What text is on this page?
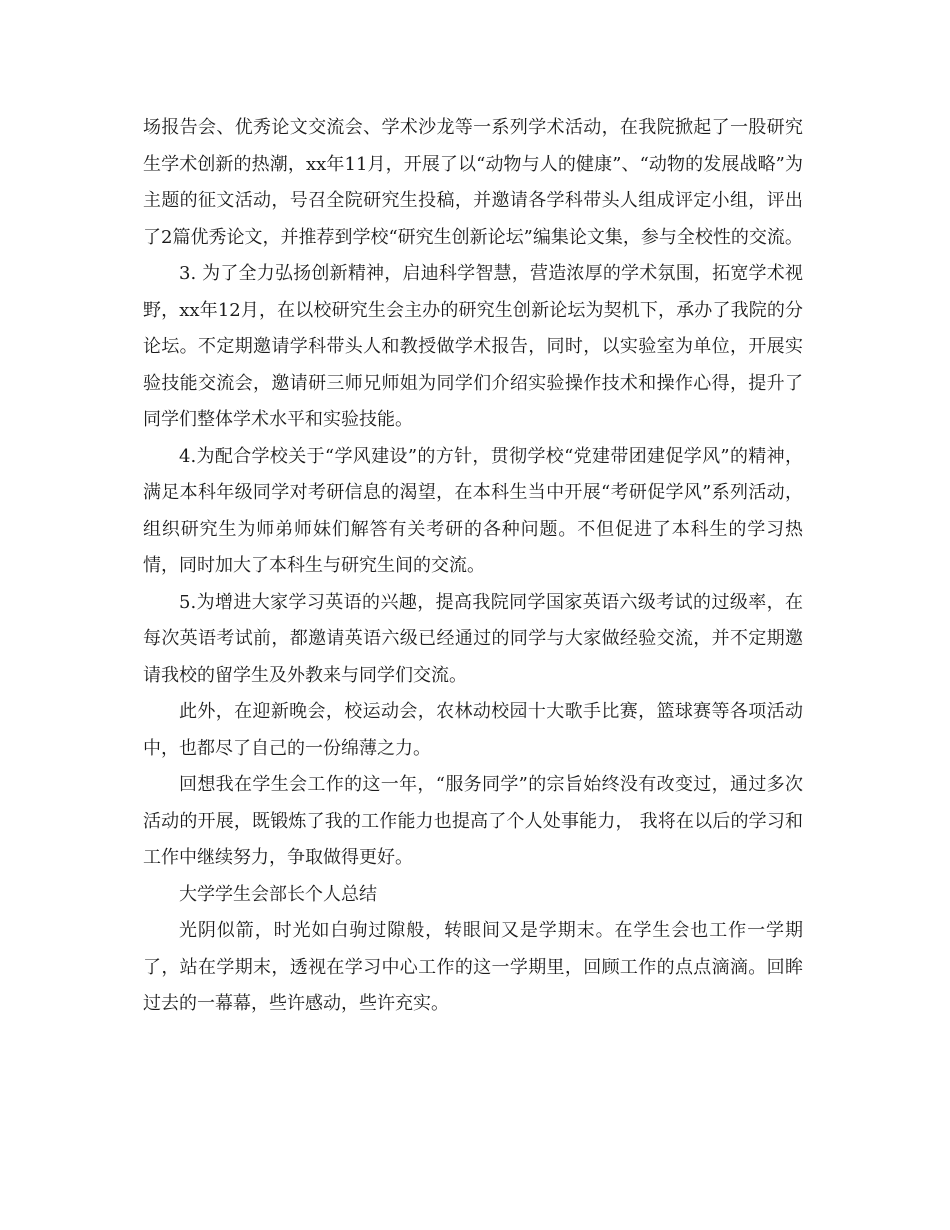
场报告会、优秀论文交流会、学术沙龙等一系列学术活动，在我院掀起了一股研究生学术创新的热潮，xx年11月，开展了以“动物与人的健康”、“动物的发展战略”为主题的征文活动，号召全院研究生投稿，并邀请各学科带头人组成评定小组，评出了2篇优秀论文，并推荐到学校“研究生创新论坛”编集论文集，参与全校性的交流。

3. 为了全力弘扬创新精神，启迪科学智慧，营造浓厚的学术氛围，拓宽学术视野，xx年12月，在以校研究生会主办的研究生创新论坛为契机下，承办了我院的分论坛。不定期邀请学科带头人和教授做学术报告，同时，以实验室为单位，开展实验技能交流会，邀请研三师兄师姐为同学们介绍实验操作技术和操作心得，提升了同学们整体学术水平和实验技能。

4.为配合学校关于“学风建设”的方针，贯彻学校“党建带团建促学风”的精神，满足本科年级同学对考研信息的渴望，在本科生当中开展“考研促学风”系列活动，组织研究生为师弟师妹们解答有关考研的各种问题。不但促进了本科生的学习热情，同时加大了本科生与研究生间的交流。

5.为增进大家学习英语的兴趣，提高我院同学国家英语六级考试的过级率，在每次英语考试前，都邀请英语六级已经通过的同学与大家做经验交流，并不定期邀请我校的留学生及外教来与同学们交流。

此外，在迎新晚会，校运动会，农林动校园十大歌手比赛，篮球赛等各项活动中，也都尽了自己的一份绵薄之力。

回想我在学生会工作的这一年，“服务同学”的宗旨始终没有改变过，通过多次活动的开展，既锻炼了我的工作能力也提高了个人处事能力， 我将在以后的学习和工作中继续努力，争取做得更好。

大学学生会部长个人总结

光阴似箭，时光如白驹过隙般，转眼间又是学期末。在学生会也工作一学期了，站在学期末，透视在学习中心工作的这一学期里，回顾工作的点点滴滴。回眸过去的一幕幕，些许感动，些许充实。
